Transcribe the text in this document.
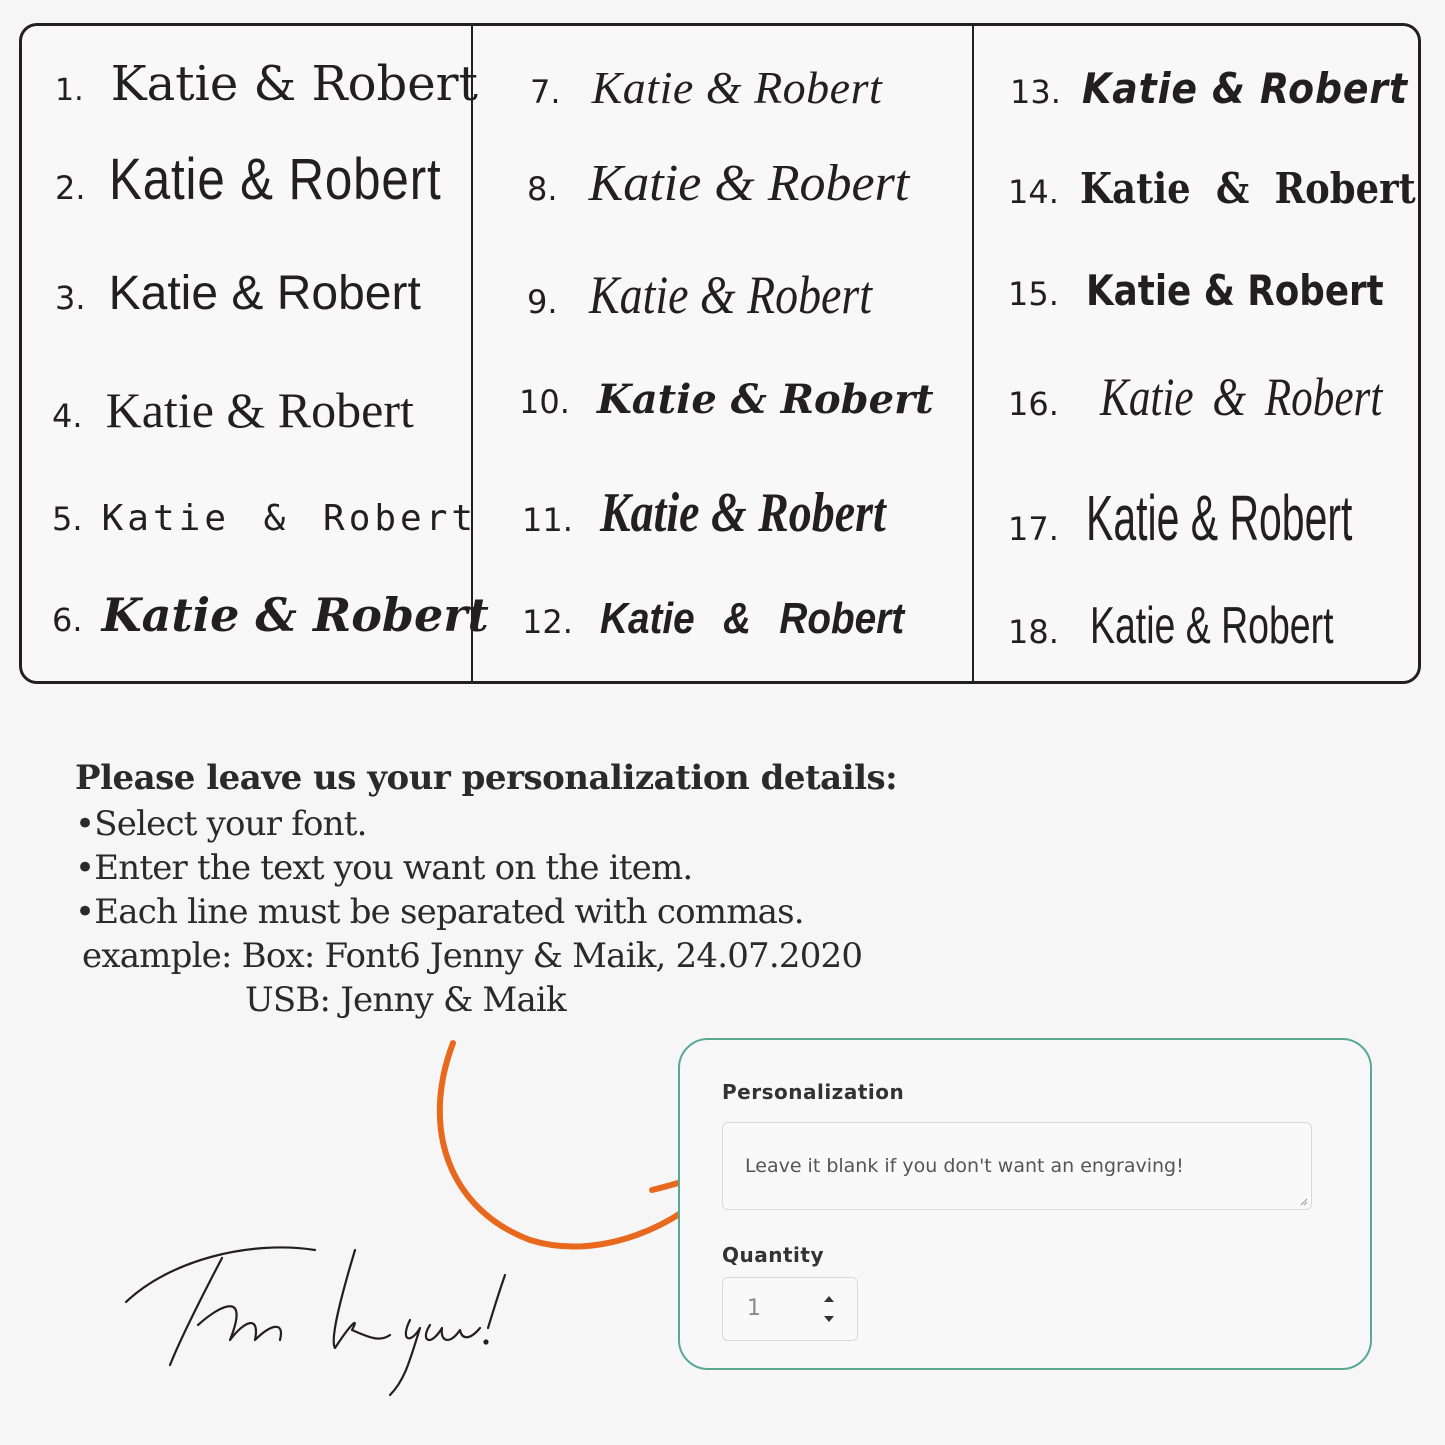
1. Katie & Robert
2. Katie & Robert
3. Katie & Robert
4. Katie & Robert
5. Katie & Robert
6. Katie & Robert
7. Katie & Robert
8. Katie & Robert
9. Katie & Robert
10. Katie & Robert
11. Katie & Robert
12. Katie & Robert
13. Katie & Robert
14. Katie & Robert
15. Katie & Robert
16. Katie & Robert
17. Katie & Robert
18. Katie & Robert
Please leave us your personalization details:
•Select your font.
•Enter the text you want on the item.
•Each line must be separated with commas.
example: Box: Font6 Jenny & Maik, 24.07.2020
USB: Jenny & Maik
Personalization
Leave it blank if you don't want an engraving!
Quantity
1
